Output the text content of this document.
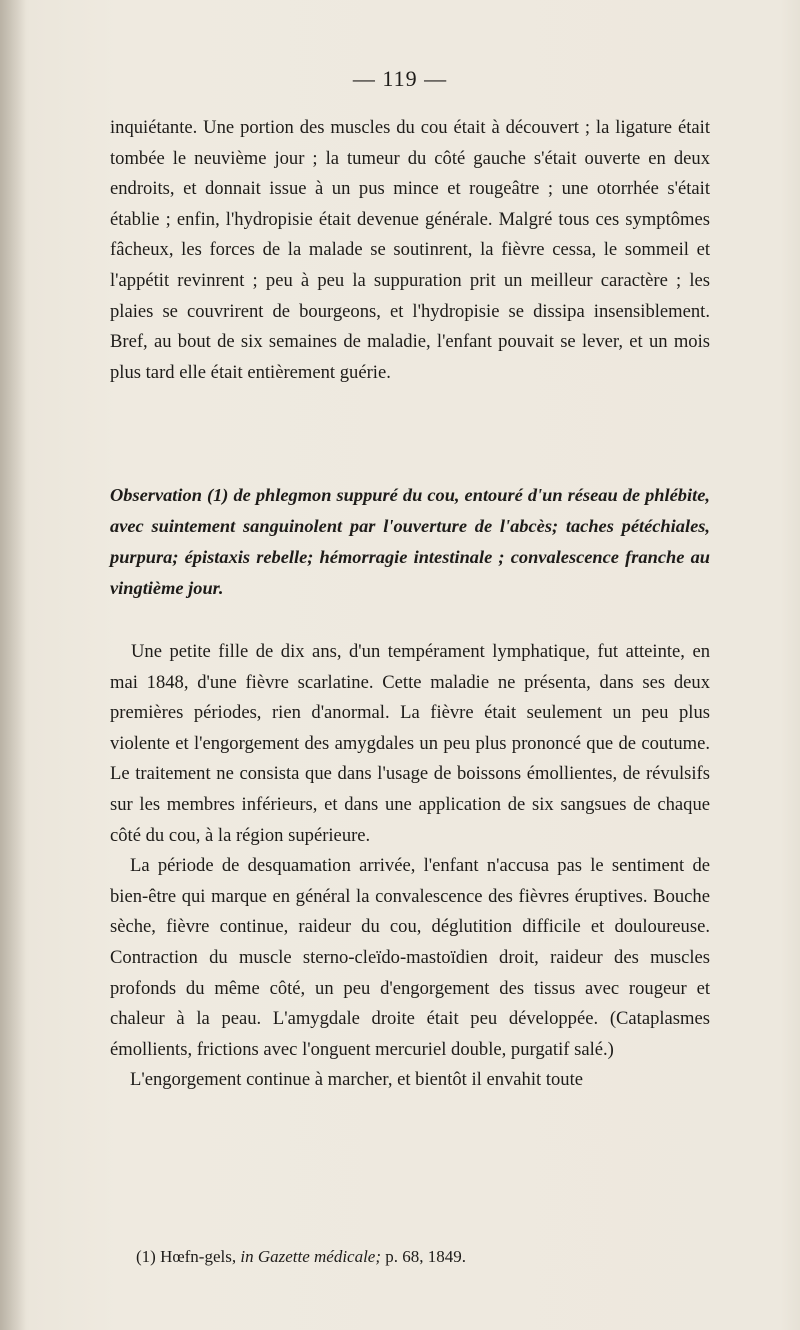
— 119 —

inquiétante. Une portion des muscles du cou était à découvert ; la ligature était tombée le neuvième jour ; la tumeur du côté gauche s'était ouverte en deux endroits, et donnait issue à un pus mince et rougeâtre ; une otorrhée s'était établie ; enfin, l'hydropisie était devenue générale. Malgré tous ces symptômes fâcheux, les forces de la malade se soutinrent, la fièvre cessa, le sommeil et l'appétit revinrent ; peu à peu la suppuration prit un meilleur caractère ; les plaies se couvrirent de bourgeons, et l'hydropisie se dissipa insensiblement. Bref, au bout de six semaines de maladie, l'enfant pouvait se lever, et un mois plus tard elle était entièrement guérie.

Observation (1) de phlegmon suppuré du cou, entouré d'un réseau de phlébite, avec suintement sanguinolent par l'ouverture de l'abcès; taches pétéchiales, purpura; épistaxis rebelle; hémorragie intestinale ; convalescence franche au vingtième jour.

Une petite fille de dix ans, d'un tempérament lymphatique, fut atteinte, en mai 1848, d'une fièvre scarlatine. Cette maladie ne présenta, dans ses deux premières périodes, rien d'anormal. La fièvre était seulement un peu plus violente et l'engorgement des amygdales un peu plus prononcé que de coutume. Le traitement ne consista que dans l'usage de boissons émollientes, de révulsifs sur les membres inférieurs, et dans une application de six sangsues de chaque côté du cou, à la région supérieure.

La période de desquamation arrivée, l'enfant n'accusa pas le sentiment de bien-être qui marque en général la convalescence des fièvres éruptives. Bouche sèche, fièvre continue, raideur du cou, déglutition difficile et douloureuse. Contraction du muscle sterno-cleïdo-mastoïdien droit, raideur des muscles profonds du même côté, un peu d'engorgement des tissus avec rougeur et chaleur à la peau. L'amygdale droite était peu développée. (Cataplasmes émollients, frictions avec l'onguent mercuriel double, purgatif salé.)

L'engorgement continue à marcher, et bientôt il envahit toute

(1) Hœfn-gels, in Gazette médicale; p. 68, 1849.
